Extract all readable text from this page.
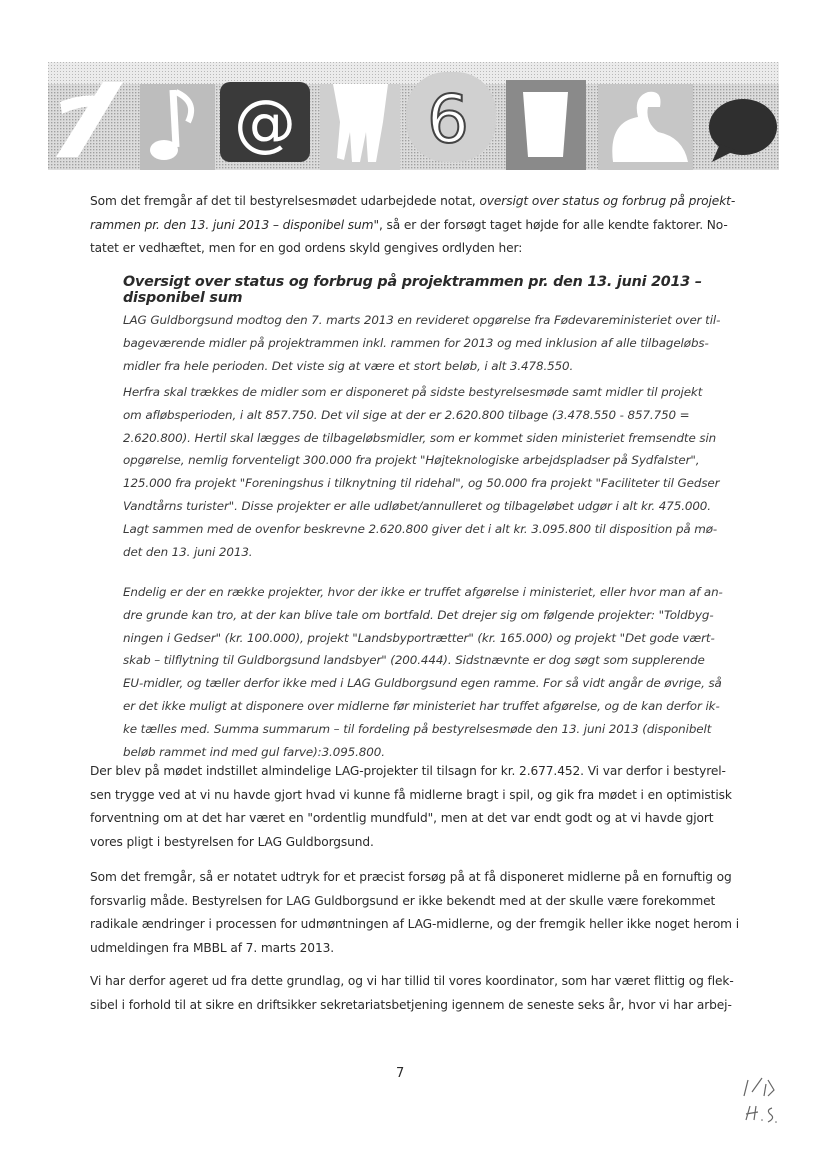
@ 6

Som det fremgår af det til bestyrelsesmødet udarbejdede notat, oversigt over status og forbrug på projekt-rammen pr. den 13. juni 2013 – disponibel sum", så er der forsøgt taget højde for alle kendte faktorer. No-tatet er vedhæftet, men for en god ordens skyld gengives ordlyden her:

Oversigt over status og forbrug på projektrammen pr. den 13. juni 2013 – disponibel sum

LAG Guldborgsund modtog den 7. marts 2013 en revideret opgørelse fra Fødevareministeriet over til-bageværende midler på projektrammen inkl. rammen for 2013 og med inklusion af alle tilbageløbs-midler fra hele perioden. Det viste sig at være et stort beløb, i alt 3.478.550.

Herfra skal trækkes de midler som er disponeret på sidste bestyrelsesmøde samt midler til projekt om afløbsperioden, i alt 857.750. Det vil sige at der er 2.620.800 tilbage (3.478.550 - 857.750 = 2.620.800). Hertil skal lægges de tilbageløbsmidler, som er kommet siden ministeriet fremsendte sin opgørelse, nemlig forventeligt 300.000 fra projekt "Højteknologiske arbejdspladser på Sydfalster", 125.000 fra projekt "Foreningshus i tilknytning til ridehal", og 50.000 fra projekt "Faciliteter til Gedser Vandtårns turister". Disse projekter er alle udløbet/annulleret og tilbageløbet udgør i alt kr. 475.000. Lagt sammen med de ovenfor beskrevne 2.620.800 giver det i alt kr. 3.095.800 til disposition på mø-det den 13. juni 2013.

Endelig er der en række projekter, hvor der ikke er truffet afgørelse i ministeriet, eller hvor man af an-dre grunde kan tro, at der kan blive tale om bortfald. Det drejer sig om følgende projekter: "Toldbyg-ningen i Gedser" (kr. 100.000), projekt "Landsbyportrætter" (kr. 165.000) og projekt "Det gode vært-skab – tilflytning til Guldborgsund landsbyer" (200.444). Sidstnævnte er dog søgt som supplerende EU-midler, og tæller derfor ikke med i LAG Guldborgsund egen ramme. For så vidt angår de øvrige, så er det ikke muligt at disponere over midlerne før ministeriet har truffet afgørelse, og de kan derfor ik-ke tælles med. Summa summarum – til fordeling på bestyrelsesmøde den 13. juni 2013 (disponibelt beløb rammet ind med gul farve):3.095.800.

Der blev på mødet indstillet almindelige LAG-projekter til tilsagn for kr. 2.677.452. Vi var derfor i bestyrel-sen trygge ved at vi nu havde gjort hvad vi kunne få midlerne bragt i spil, og gik fra mødet i en optimistisk forventning om at det har været en "ordentlig mundfuld", men at det var endt godt og at vi havde gjort vores pligt i bestyrelsen for LAG Guldborgsund.

Som det fremgår, så er notatet udtryk for et præcist forsøg på at få disponeret midlerne på en fornuftig og forsvarlig måde. Bestyrelsen for LAG Guldborgsund er ikke bekendt med at der skulle være forekommet radikale ændringer i processen for udmøntningen af LAG-midlerne, og der fremgik heller ikke noget herom i udmeldingen fra MBBL af 7. marts 2013.

Vi har derfor ageret ud fra dette grundlag, og vi har tillid til vores koordinator, som har været flittig og flek-sibel i forhold til at sikre en driftsikker sekretariatsbetjening igennem de seneste seks år, hvor vi har arbej-

7
